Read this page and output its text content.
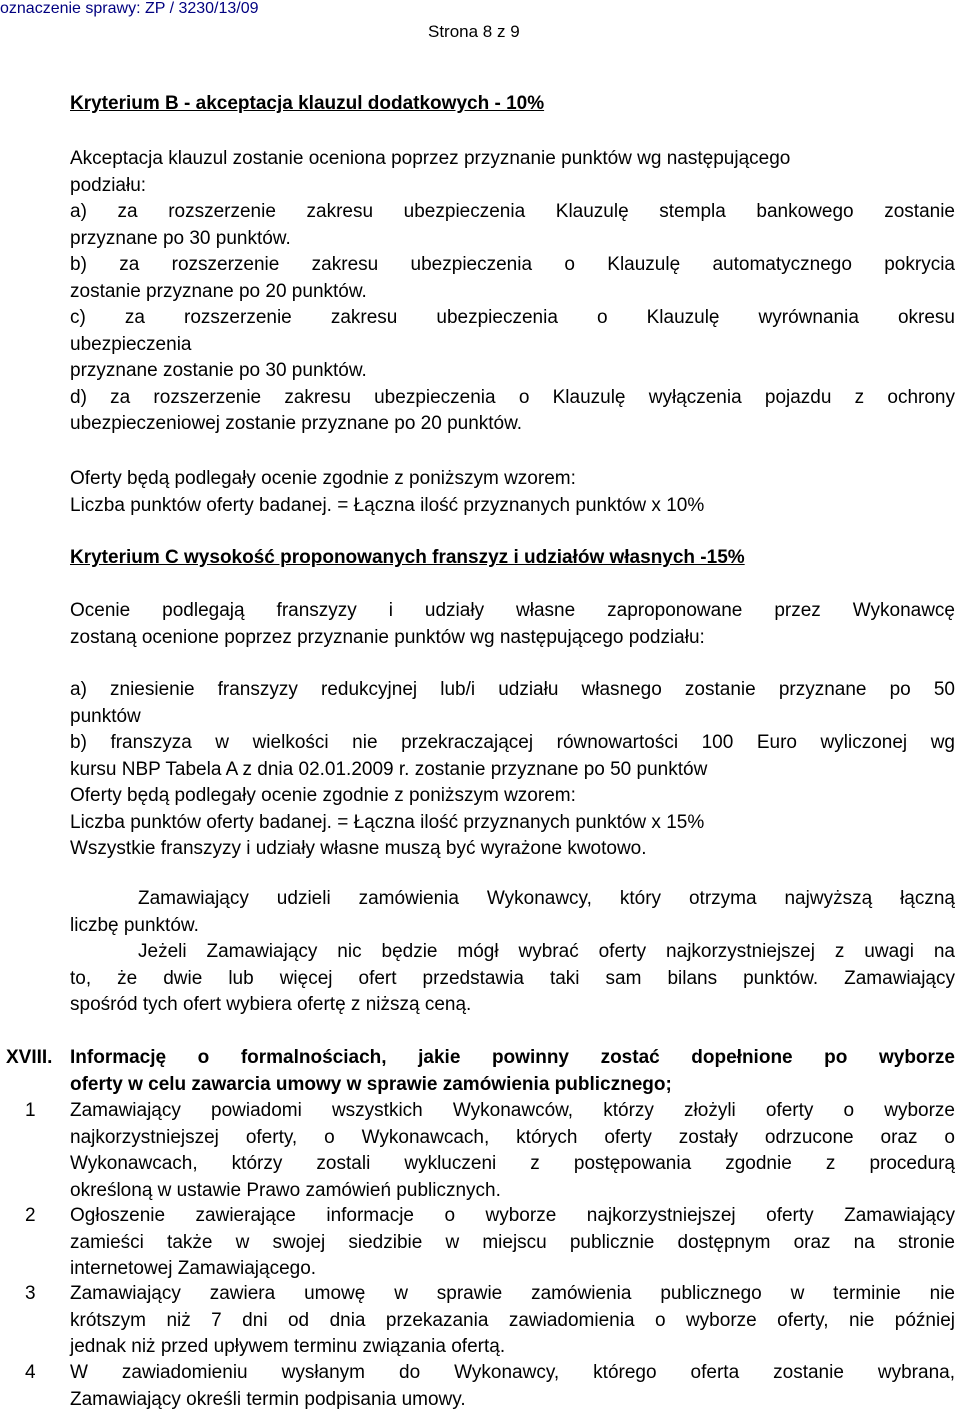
oznaczenie sprawy: ZP / 3230/13/09
Strona 8 z 9
Kryterium B - akceptacja klauzul dodatkowych - 10%
Akceptacja klauzul zostanie oceniona poprzez przyznanie punktów wg następującego
podziału:
a) za rozszerzenie zakresu ubezpieczenia Klauzulę stempla bankowego zostanie
przyznane po 30 punktów.
b) za rozszerzenie zakresu ubezpieczenia o Klauzulę automatycznego pokrycia
zostanie przyznane po 20 punktów.
c) za rozszerzenie zakresu ubezpieczenia o Klauzulę wyrównania okresu
ubezpieczenia
przyznane zostanie po 30 punktów.
d) za rozszerzenie zakresu ubezpieczenia o Klauzulę wyłączenia pojazdu z ochrony
ubezpieczeniowej zostanie przyznane po 20 punktów.
Oferty będą podlegały ocenie zgodnie z poniższym wzorem:
Liczba punktów oferty badanej. = Łączna ilość przyznanych punktów x 10%
Kryterium C wysokość proponowanych franszyz i udziałów własnych -15%
Ocenie podlegają franszyzy i udziały własne zaproponowane przez Wykonawcę
zostaną ocenione poprzez przyznanie punktów wg następującego podziału:
a) zniesienie franszyzy redukcyjnej lub/i udziału własnego zostanie przyznane po 50
punktów
b) franszyza w wielkości nie przekraczającej równowartości 100 Euro wyliczonej wg
kursu NBP Tabela A z dnia 02.01.2009 r. zostanie przyznane po 50 punktów
Oferty będą podlegały ocenie zgodnie z poniższym wzorem:
Liczba punktów oferty badanej. = Łączna ilość przyznanych punktów x 15%
Wszystkie franszyzy i udziały własne muszą być wyrażone kwotowo.
Zamawiający udzieli zamówienia Wykonawcy, który otrzyma najwyższą łączną
liczbę punktów.
Jeżeli Zamawiający nic będzie mógł wybrać oferty najkorzystniejszej z uwagi na
to, że dwie lub więcej ofert przedstawia taki sam bilans punktów. Zamawiający
spośród tych ofert wybiera ofertę z niższą ceną.
XVIII. Informację o formalnościach, jakie powinny zostać dopełnione po wyborze
oferty w celu zawarcia umowy w sprawie zamówienia publicznego;
1 Zamawiający powiadomi wszystkich Wykonawców, którzy złożyli oferty o wyborze
najkorzystniejszej oferty, o Wykonawcach, których oferty zostały odrzucone oraz o
Wykonawcach, którzy zostali wykluczeni z postępowania zgodnie z procedurą
określoną w ustawie Prawo zamówień publicznych.
2 Ogłoszenie zawierające informacje o wyborze najkorzystniejszej oferty Zamawiający
zamieści także w swojej siedzibie w miejscu publicznie dostępnym oraz na stronie
internetowej Zamawiającego.
3 Zamawiający zawiera umowę w sprawie zamówienia publicznego w terminie nie
krótszym niż 7 dni od dnia przekazania zawiadomienia o wyborze oferty, nie później
jednak niż przed upływem terminu związania ofertą.
4 W zawiadomieniu wysłanym do Wykonawcy, którego oferta zostanie wybrana,
Zamawiający określi termin podpisania umowy.
